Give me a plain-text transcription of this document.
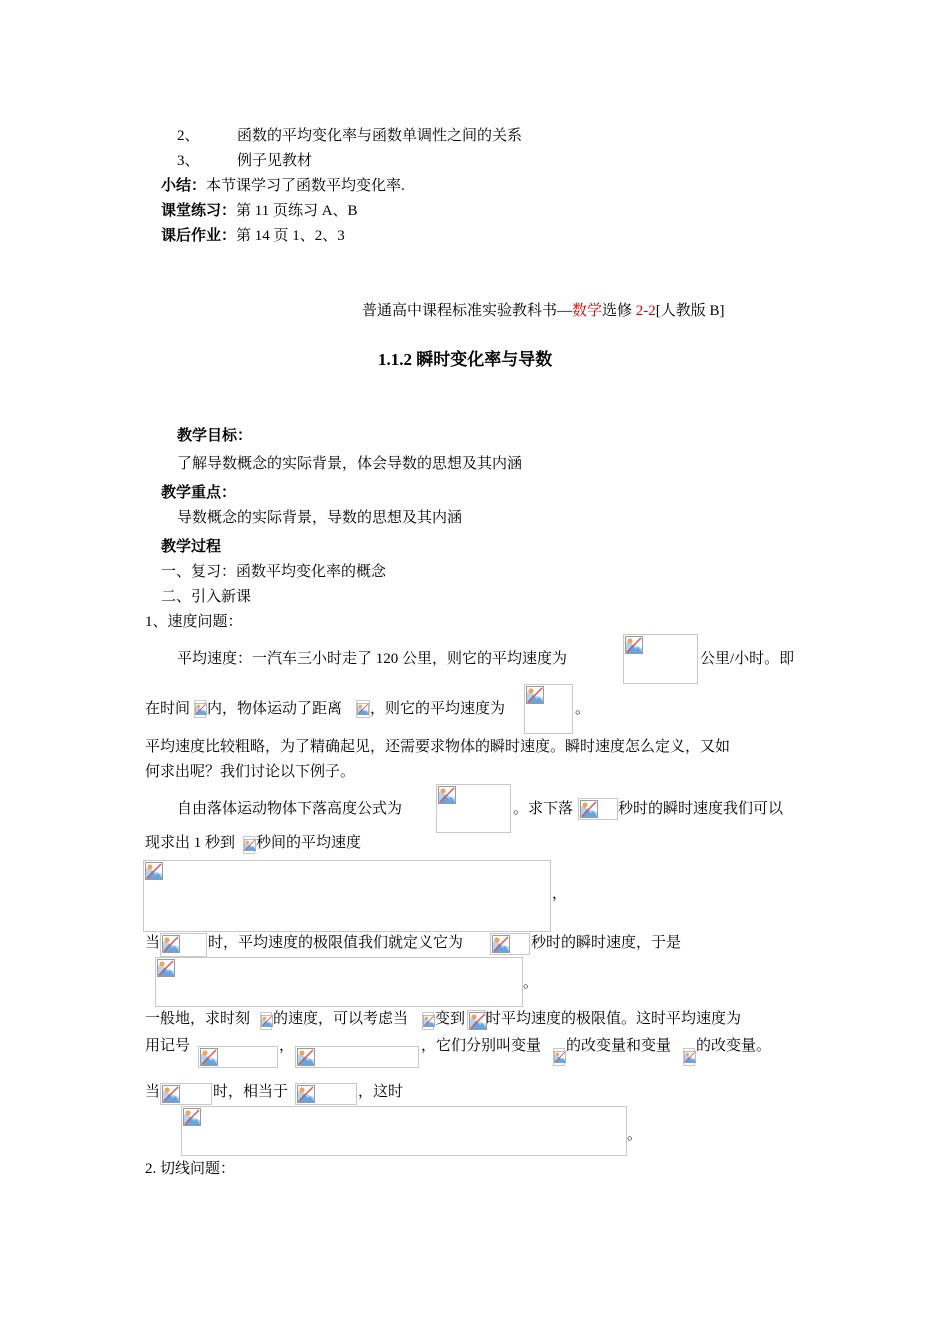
2、 函数的平均变化率与函数单调性之间的关系
3、 例子见教材
小结：本节课学习了函数平均变化率.
课堂练习：第 11 页练习 A、B
课后作业：第 14 页 1、2、3
普通高中课程标准实验教科书—数学选修 2-2[人教版 B]
1.1.2 瞬时变化率与导数
教学目标：
了解导数概念的实际背景，体会导数的思想及其内涵
教学重点：
导数概念的实际背景，导数的思想及其内涵
教学过程
一、复习：函数平均变化率的概念
二、引入新课
1、速度问题：
平均速度：一汽车三小时走了 120 公里，则它的平均速度为	公里/小时。即
在时间 内，物体运动了距离 ，则它的平均速度为	。
平均速度比较粗略，为了精确起见，还需要求物体的瞬时速度。瞬时速度怎么定义，又如
何求出呢？我们讨论以下例子。
自由落体运动物体下落高度公式为	。求下落	秒时的瞬时速度我们可以
现求出 1 秒到 秒间的平均速度
，
当	时，平均速度的极限值我们就定义它为	秒时的瞬时速度，于是
。
一般地，求时刻 的速度，可以考虑当 变到 时平均速度的极限值。这时平均速度为
用记号	，	，它们分别叫变量 的改变量和变量 的改变量。
当	时，相当于	，这时
。
2. 切线问题：
